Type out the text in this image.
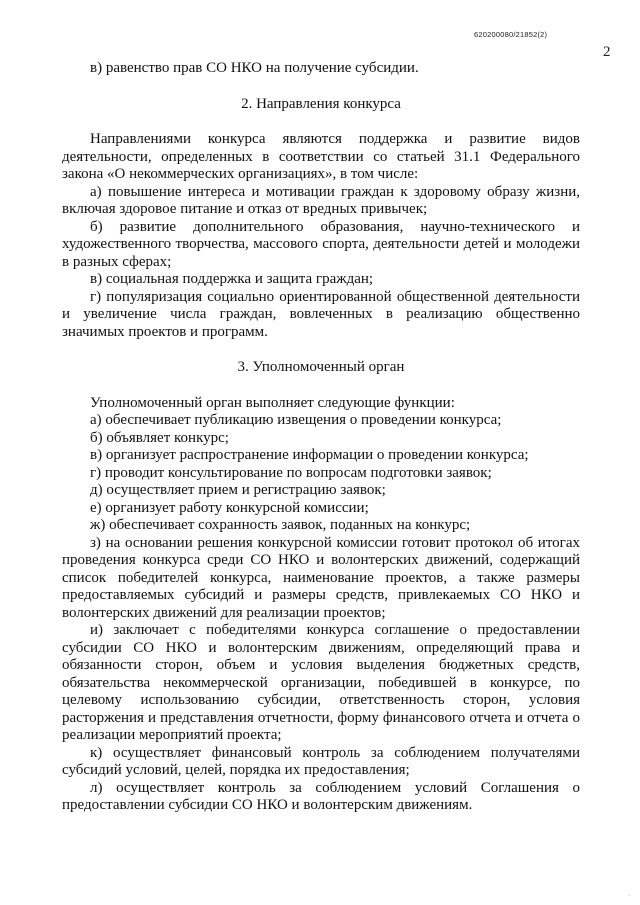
620200080/21852(2)
2

в) равенство прав СО НКО на получение субсидии.

2. Направления конкурса

Направлениями конкурса являются поддержка и развитие видов деятельности, определенных в соответствии со статьей 31.1 Федерального закона «О некоммерческих организациях», в том числе:

а) повышение интереса и мотивации граждан к здоровому образу жизни, включая здоровое питание и отказ от вредных привычек;

б) развитие дополнительного образования, научно-технического и художественного творчества, массового спорта, деятельности детей и молодежи в разных сферах;

в) социальная поддержка и защита граждан;

г) популяризация социально ориентированной общественной деятельности и увеличение числа граждан, вовлеченных в реализацию общественно значимых проектов и программ.

3. Уполномоченный орган

Уполномоченный орган выполняет следующие функции:

а) обеспечивает публикацию извещения о проведении конкурса;

б) объявляет конкурс;

в) организует распространение информации о проведении конкурса;

г) проводит консультирование по вопросам подготовки заявок;

д) осуществляет прием и регистрацию заявок;

е) организует работу конкурсной комиссии;

ж) обеспечивает сохранность заявок, поданных на конкурс;

з) на основании решения конкурсной комиссии готовит протокол об итогах проведения конкурса среди СО НКО и волонтерских движений, содержащий список победителей конкурса, наименование проектов, а также размеры предоставляемых субсидий и размеры средств, привлекаемых СО НКО и волонтерских движений для реализации проектов;

и) заключает с победителями конкурса соглашение о предоставлении субсидии СО НКО и волонтерским движениям, определяющий права и обязанности сторон, объем и условия выделения бюджетных средств, обязательства некоммерческой организации, победившей в конкурсе, по целевому использованию субсидии, ответственность сторон, условия расторжения и представления отчетности, форму финансового отчета и отчета о реализации мероприятий проекта;

к) осуществляет финансовый контроль за соблюдением получателями субсидий условий, целей, порядка их предоставления;

л) осуществляет контроль за соблюдением условий Соглашения о предоставлении субсидии СО НКО и волонтерским движениям.

·
